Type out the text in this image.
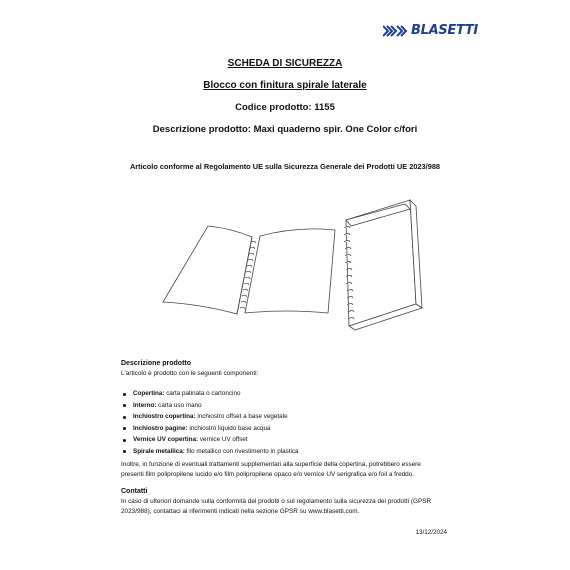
BLASETTI
SCHEDA DI SICUREZZA
Blocco con finitura spirale laterale
Codice prodotto: 1155
Descrizione prodotto: Maxi quaderno spir. One Color c/fori
Articolo conforme al Regolamento UE sulla Sicurezza Generale dei Prodotti UE 2023/988
Descrizione prodotto
L'articolo è prodotto con le seguenti componenti:
Copertina: carta patinata o cartoncino
Interno: carta uso mano
Inchiostro copertina: inchiostro offset a base vegetale
Inchiostro pagine: inchiostro liquido base acqua
Vernice UV copertina: vernice UV offset
Spirale metallica: filo metallico con rivestimento in plastica
Inoltre, in funzione di eventuali trattamenti supplementari alla superficie della copertina, potrebbero essere
presenti film polipropilene lucido e/o film polipropilene opaco e/o vernice UV serigrafica e/o foil a freddo.
Contatti
In caso di ulteriori domande sulla conformità del prodotti o sul regolamento sulla sicurezza dei prodotti (GPSR
2023/988), contattaci ai riferimenti indicati nella sezione GPSR su www.blasetti.com.
13/12/2024
